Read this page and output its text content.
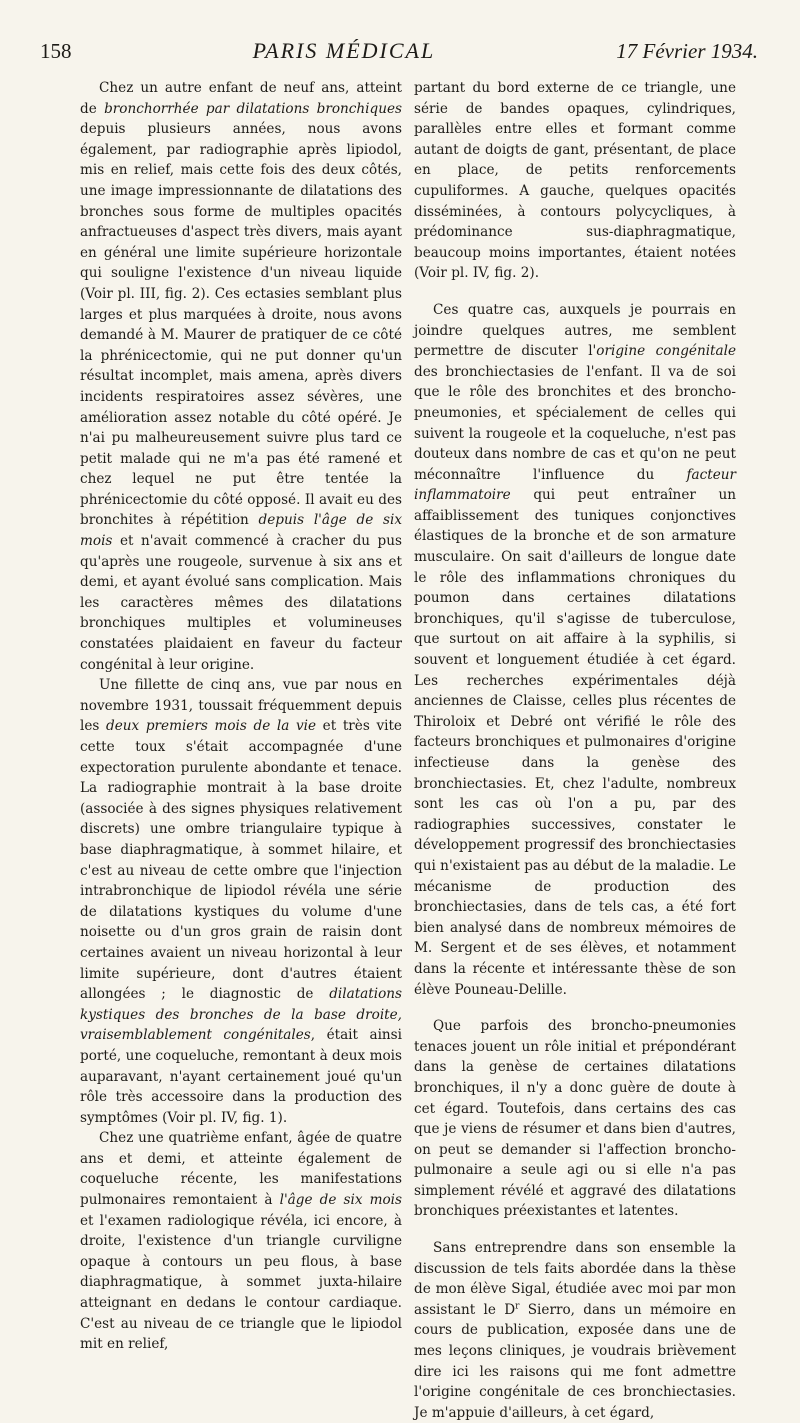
158	PARIS MÉDICAL	17 Février 1934.

Chez un autre enfant de neuf ans, atteint de bronchorrhée par dilatations bronchiques depuis plusieurs années, nous avons également, par radiographie après lipiodol, mis en relief, mais cette fois des deux côtés, une image impressionnante de dilatations des bronches sous forme de multiples opacités anfractueuses d'aspect très divers, mais ayant en général une limite supérieure horizontale qui souligne l'existence d'un niveau liquide (Voir pl. III, fig. 2). Ces ectasies semblant plus larges et plus marquées à droite, nous avons demandé à M. Maurer de pratiquer de ce côté la phrénicectomie, qui ne put donner qu'un résultat incomplet, mais amena, après divers incidents respiratoires assez sévères, une amélioration assez notable du côté opéré. Je n'ai pu malheureusement suivre plus tard ce petit malade qui ne m'a pas été ramené et chez lequel ne put être tentée la phrénicectomie du côté opposé. Il avait eu des bronchites à répétition depuis l'âge de six mois et n'avait commencé à cracher du pus qu'après une rougeole, survenue à six ans et demi, et ayant évolué sans complication. Mais les caractères mêmes des dilatations bronchiques multiples et volumineuses constatées plaidaient en faveur du facteur congénital à leur origine.

Une fillette de cinq ans, vue par nous en novembre 1931, toussait fréquemment depuis les deux premiers mois de la vie et très vite cette toux s'était accompagnée d'une expectoration purulente abondante et tenace. La radiographie montrait à la base droite (associée à des signes physiques relativement discrets) une ombre triangulaire typique à base diaphragmatique, à sommet hilaire, et c'est au niveau de cette ombre que l'injection intrabronchique de lipiodol révéla une série de dilatations kystiques du volume d'une noisette ou d'un gros grain de raisin dont certaines avaient un niveau horizontal à leur limite supérieure, dont d'autres étaient allongées ; le diagnostic de dilatations kystiques des bronches de la base droite, vraisemblablement congénitales, était ainsi porté, une coqueluche, remontant à deux mois auparavant, n'ayant certainement joué qu'un rôle très accessoire dans la production des symptômes (Voir pl. IV, fig. 1).

Chez une quatrième enfant, âgée de quatre ans et demi, et atteinte également de coqueluche récente, les manifestations pulmonaires remontaient à l'âge de six mois et l'examen radiologique révéla, ici encore, à droite, l'existence d'un triangle curviligne opaque à contours un peu flous, à base diaphragmatique, à sommet juxta-hilaire atteignant en dedans le contour cardiaque. C'est au niveau de ce triangle que le lipiodol mit en relief,

partant du bord externe de ce triangle, une série de bandes opaques, cylindriques, parallèles entre elles et formant comme autant de doigts de gant, présentant, de place en place, de petits renforcements cupuliformes. A gauche, quelques opacités disséminées, à contours polycycliques, à prédominance sus-diaphragmatique, beaucoup moins importantes, étaient notées (Voir pl. IV, fig. 2).

Ces quatre cas, auxquels je pourrais en joindre quelques autres, me semblent permettre de discuter l'origine congénitale des bronchiectasies de l'enfant. Il va de soi que le rôle des bronchites et des broncho-pneumonies, et spécialement de celles qui suivent la rougeole et la coqueluche, n'est pas douteux dans nombre de cas et qu'on ne peut méconnaître l'influence du facteur inflammatoire qui peut entraîner un affaiblissement des tuniques conjonctives élastiques de la bronche et de son armature musculaire. On sait d'ailleurs de longue date le rôle des inflammations chroniques du poumon dans certaines dilatations bronchiques, qu'il s'agisse de tuberculose, que surtout on ait affaire à la syphilis, si souvent et longuement étudiée à cet égard. Les recherches expérimentales déjà anciennes de Claisse, celles plus récentes de Thiroloix et Debré ont vérifié le rôle des facteurs bronchiques et pulmonaires d'origine infectieuse dans la genèse des bronchiectasies. Et, chez l'adulte, nombreux sont les cas où l'on a pu, par des radiographies successives, constater le développement progressif des bronchiectasies qui n'existaient pas au début de la maladie. Le mécanisme de production des bronchiectasies, dans de tels cas, a été fort bien analysé dans de nombreux mémoires de M. Sergent et de ses élèves, et notamment dans la récente et intéressante thèse de son élève Pouneau-Delille.

Que parfois des broncho-pneumonies tenaces jouent un rôle initial et prépondérant dans la genèse de certaines dilatations bronchiques, il n'y a donc guère de doute à cet égard. Toutefois, dans certains des cas que je viens de résumer et dans bien d'autres, on peut se demander si l'affection broncho-pulmonaire a seule agi ou si elle n'a pas simplement révélé et aggravé des dilatations bronchiques préexistantes et latentes.

Sans entreprendre dans son ensemble la discussion de tels faits abordée dans la thèse de mon élève Sigal, étudiée avec moi par mon assistant le $D^r$ Sierro, dans un mémoire en cours de publication, exposée dans une de mes leçons cliniques, je voudrais brièvement dire ici les raisons qui me font admettre l'origine congénitale de ces bronchiectasies. Je m'appuie d'ailleurs, à cet égard,
